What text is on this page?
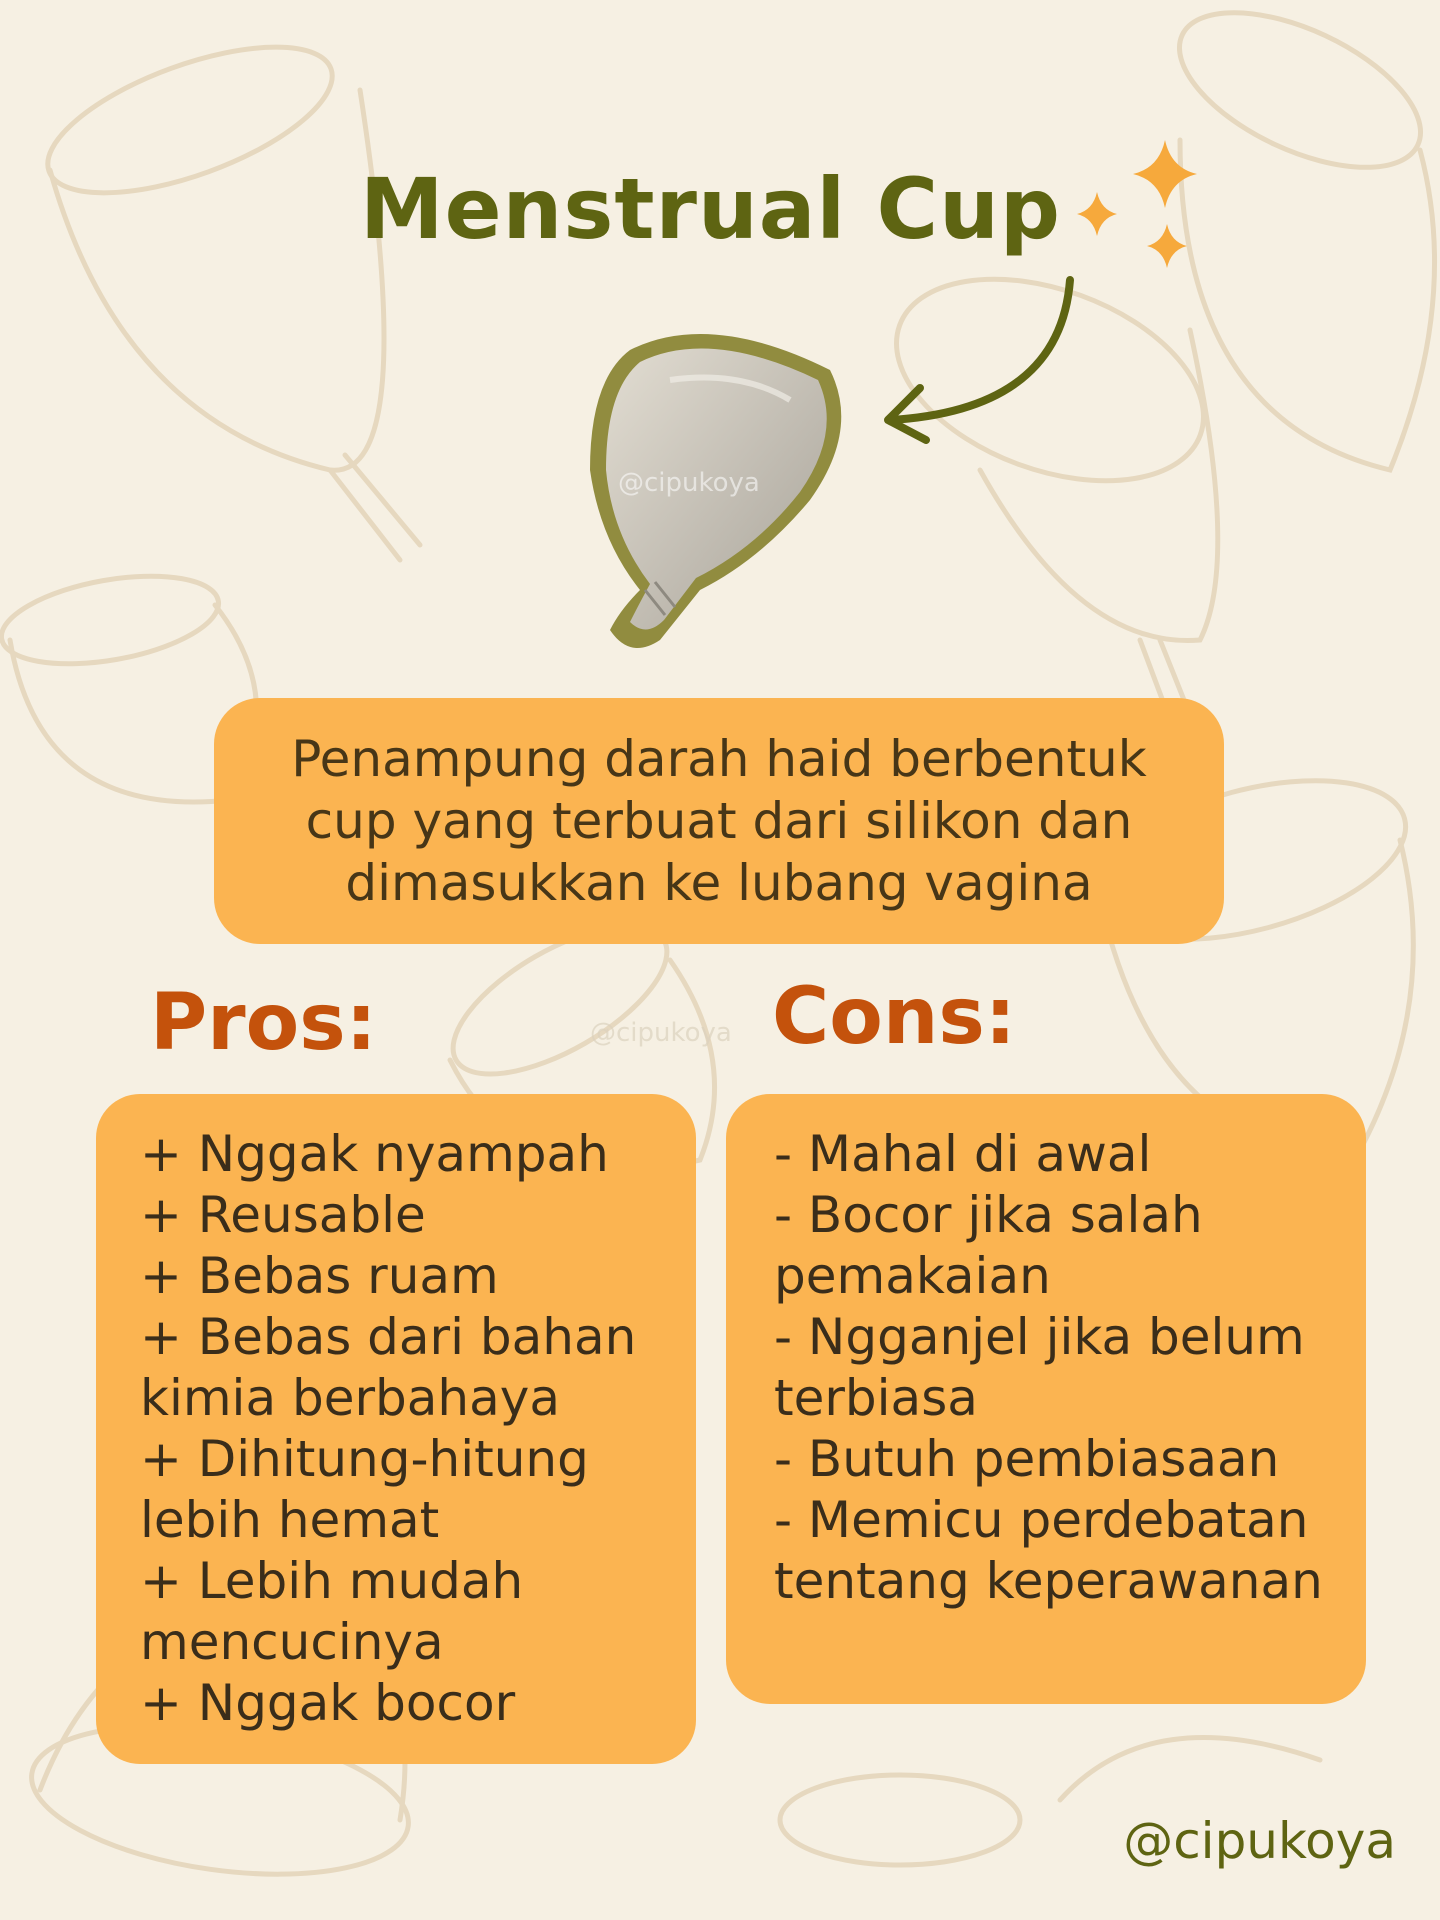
Menstrual Cup
@cipukoya
Penampung darah haid berbentuk cup yang terbuat dari silikon dan dimasukkan ke lubang vagina
Pros:	@cipukoya Cons:
+ Nggak nyampah
+ Reusable
+ Bebas ruam
+ Bebas dari bahan kimia berbahaya
+ Dihitung-hitung lebih hemat
+ Lebih mudah mencucinya
+ Nggak bocor
- Mahal di awal
- Bocor jika salah pemakaian
- Ngganjel jika belum terbiasa
- Butuh pembiasaan
- Memicu perdebatan tentang keperawanan
@cipukoya
